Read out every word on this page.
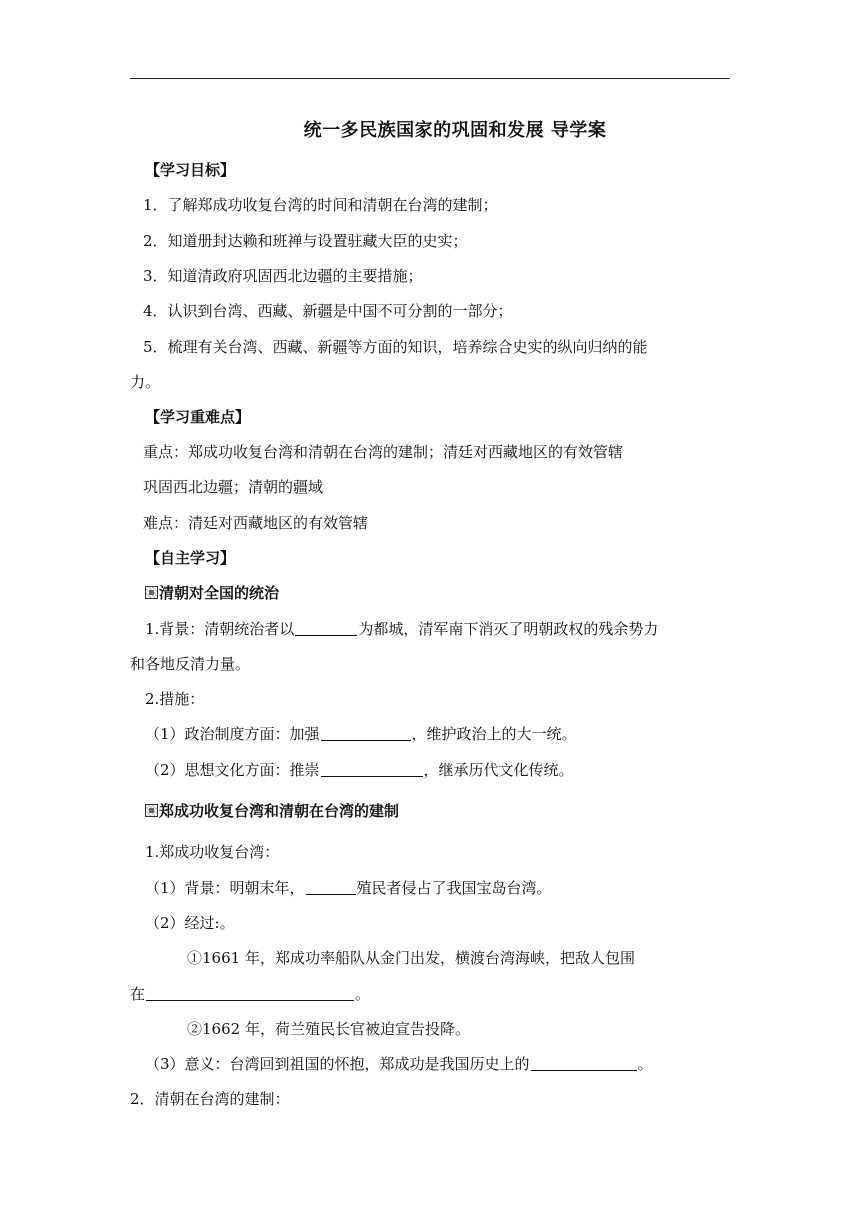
统一多民族国家的巩固和发展 导学案
【学习目标】
1．了解郑成功收复台湾的时间和清朝在台湾的建制；
2．知道册封达赖和班禅与设置驻藏大臣的史实；
3．知道清政府巩固西北边疆的主要措施；
4．认识到台湾、西藏、新疆是中国不可分割的一部分；
5．梳理有关台湾、西藏、新疆等方面的知识，培养综合史实的纵向归纳的能
力。
【学习重难点】
重点：郑成功收复台湾和清朝在台湾的建制；清廷对西藏地区的有效管辖
巩固西北边疆；清朝的疆域
难点：清廷对西藏地区的有效管辖
【自主学习】
清朝对全国的统治
1.背景：清朝统治者以	为都城，清军南下消灭了明朝政权的残余势力
和各地反清力量。
2.措施：
（1）政治制度方面：加强	，维护政治上的大一统。
（2）思想文化方面：推崇	，继承历代文化传统。
郑成功收复台湾和清朝在台湾的建制
1.郑成功收复台湾：
（1）背景：明朝末年，	殖民者侵占了我国宝岛台湾。
（2）经过:。
①1661 年，郑成功率船队从金门出发，横渡台湾海峡，把敌人包围
在	。
②1662 年，荷兰殖民长官被迫宣告投降。
（3）意义：台湾回到祖国的怀抱，郑成功是我国历史上的	。
2．清朝在台湾的建制：
